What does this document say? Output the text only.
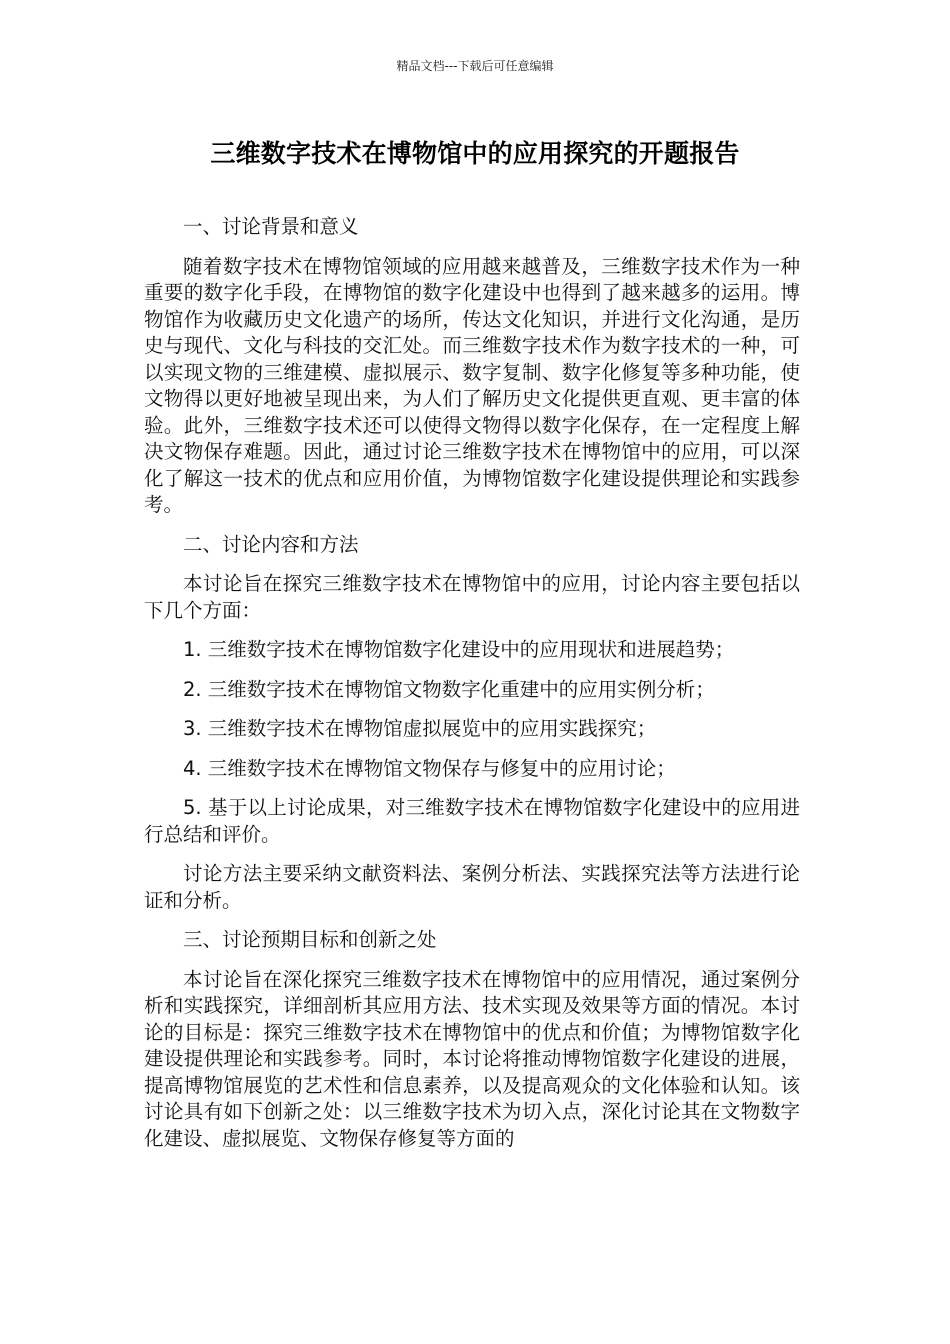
精品文档---下载后可任意编辑
三维数字技术在博物馆中的应用探究的开题报告

一、讨论背景和意义

随着数字技术在博物馆领域的应用越来越普及，三维数字技术作为一种重要的数字化手段，在博物馆的数字化建设中也得到了越来越多的运用。博物馆作为收藏历史文化遗产的场所，传达文化知识，并进行文化沟通，是历史与现代、文化与科技的交汇处。而三维数字技术作为数字技术的一种，可以实现文物的三维建模、虚拟展示、数字复制、数字化修复等多种功能，使文物得以更好地被呈现出来，为人们了解历史文化提供更直观、更丰富的体验。此外，三维数字技术还可以使得文物得以数字化保存，在一定程度上解决文物保存难题。因此，通过讨论三维数字技术在博物馆中的应用，可以深化了解这一技术的优点和应用价值，为博物馆数字化建设提供理论和实践参考。

二、讨论内容和方法

本讨论旨在探究三维数字技术在博物馆中的应用，讨论内容主要包括以下几个方面：

1. 三维数字技术在博物馆数字化建设中的应用现状和进展趋势；

2. 三维数字技术在博物馆文物数字化重建中的应用实例分析；

3. 三维数字技术在博物馆虚拟展览中的应用实践探究；

4. 三维数字技术在博物馆文物保存与修复中的应用讨论；

5. 基于以上讨论成果，对三维数字技术在博物馆数字化建设中的应用进行总结和评价。

讨论方法主要采纳文献资料法、案例分析法、实践探究法等方法进行论证和分析。

三、讨论预期目标和创新之处

本讨论旨在深化探究三维数字技术在博物馆中的应用情况，通过案例分析和实践探究，详细剖析其应用方法、技术实现及效果等方面的情况。本讨论的目标是：探究三维数字技术在博物馆中的优点和价值；为博物馆数字化建设提供理论和实践参考。同时，本讨论将推动博物馆数字化建设的进展，提高博物馆展览的艺术性和信息素养，以及提高观众的文化体验和认知。该讨论具有如下创新之处：以三维数字技术为切入点，深化讨论其在文物数字化建设、虚拟展览、文物保存修复等方面的
